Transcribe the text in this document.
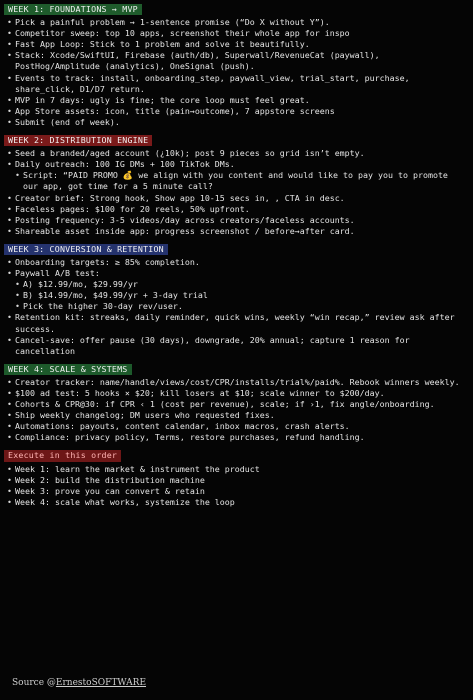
WEEK 1: FOUNDATIONS → MVP
• Pick a painful problem → 1-sentence promise (“Do X without Y”).
• Competitor sweep: top 10 apps, screenshot their whole app for inspo
• Fast App Loop: Stick to 1 problem and solve it beautifully.
• Stack: Xcode/SwiftUI, Firebase (auth/db), Superwall/RevenueCat (paywall), PostHog/Amplitude (analytics), OneSignal (push).
• Events to track: install, onboarding_step, paywall_view, trial_start, purchase, share_click, D1/D7 return.
• MVP in 7 days: ugly is fine; the core loop must feel great.
• App Store assets: icon, title (pain→outcome), 7 appstore screens
• Submit (end of week).
WEEK 2: DISTRIBUTION ENGINE
• Seed a branded/aged account (¿10k); post 9 pieces so grid isn’t empty.
• Daily outreach: 100 IG DMs + 100 TikTok DMs.
• Script: “PAID PROMO 💰 we align with you content and would like to pay you to promote our app, got time for a 5 minute call?
• Creator brief: Strong hook, Show app 10-15 secs in, , CTA in desc.
• Faceless pages: $100 for 20 reels, 50% upfront.
• Posting frequency: 3-5 videos/day across creators/faceless accounts.
• Shareable asset inside app: progress screenshot / before→after card.
WEEK 3: CONVERSION & RETENTION
• Onboarding targets: ≥ 85% completion.
• Paywall A/B test:
• A) $12.99/mo, $29.99/yr
• B) $14.99/mo, $49.99/yr + 3-day trial
• Pick the higher 30-day rev/user.
• Retention kit: streaks, daily reminder, quick wins, weekly “win recap,” review ask after success.
• Cancel-save: offer pause (30 days), downgrade, 20% annual; capture 1 reason for cancellation
WEEK 4: SCALE & SYSTEMS
• Creator tracker: name/handle/views/cost/CPR/installs/trial%/paid%. Rebook winners weekly.
• $100 ad test: 5 hooks × $20; kill losers at $10; scale winner to $200/day.
• Cohorts & CPR@30: if CPR ‹ 1 (cost per revenue), scale; if ›1, fix angle/onboarding.
• Ship weekly changelog; DM users who requested fixes.
• Automations: payouts, content calendar, inbox macros, crash alerts.
• Compliance: privacy policy, Terms, restore purchases, refund handling.
Execute in this order
• Week 1: learn the market & instrument the product
• Week 2: build the distribution machine
• Week 3: prove you can convert & retain
• Week 4: scale what works, systemize the loop
Source @ErnestoSOFTWARE
